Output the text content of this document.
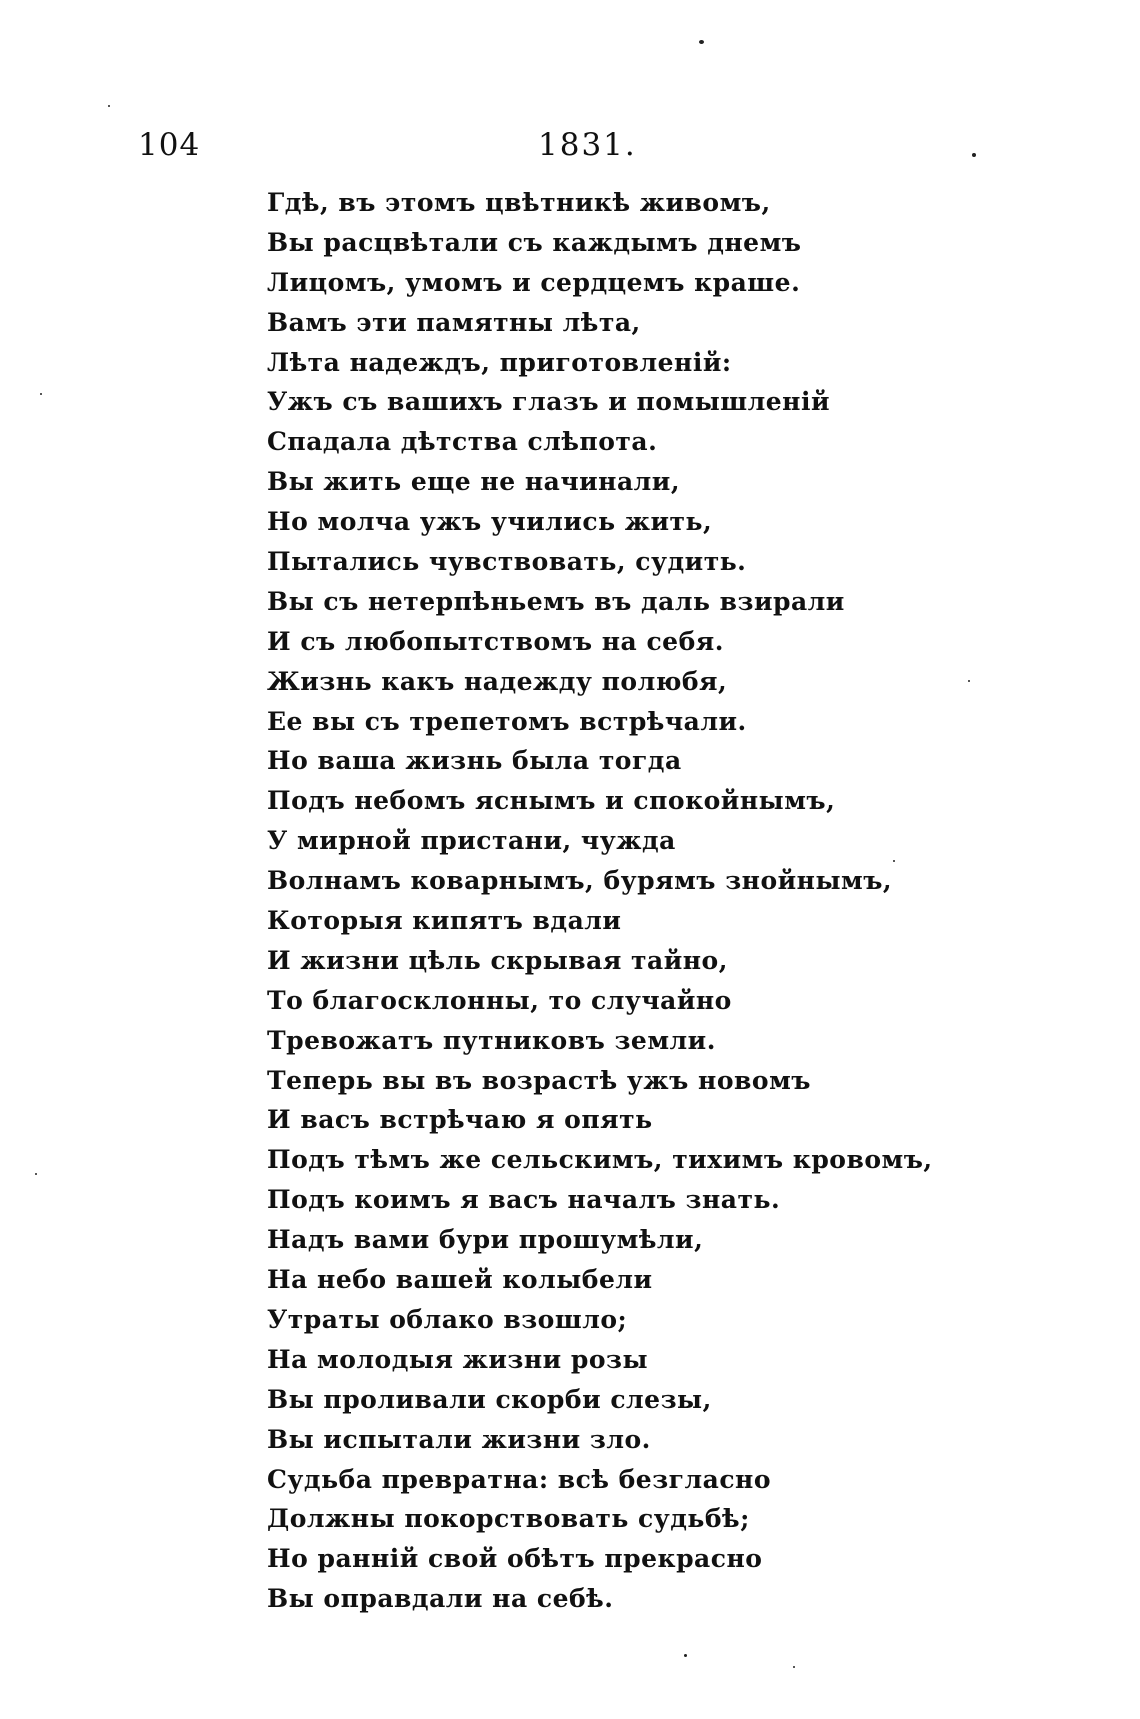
104	1831.
Гдѣ, въ этомъ цвѣтникѣ живомъ,
Вы расцвѣтали съ каждымъ днемъ
Лицомъ, умомъ и сердцемъ краше.
Вамъ эти памятны лѣта,
Лѣта надеждъ, приготовленій:
Ужъ съ вашихъ глазъ и помышленій
Спадала дѣтства слѣпота.
Вы жить еще не начинали,
Но молча ужъ учились жить,
Пытались чувствовать, судить.
Вы съ нетерпѣньемъ въ даль взирали
И съ любопытствомъ на себя.
Жизнь какъ надежду полюбя,
Ее вы съ трепетомъ встрѣчали.
Но ваша жизнь была тогда
Подъ небомъ яснымъ и спокойнымъ,
У мирной пристани, чужда
Волнамъ коварнымъ, бурямъ знойнымъ,
Которыя кипятъ вдали
И жизни цѣль скрывая тайно,
То благосклонны, то случайно
Тревожатъ путниковъ земли.
Теперь вы въ возрастѣ ужъ новомъ
И васъ встрѣчаю я опять
Подъ тѣмъ же сельскимъ, тихимъ кровомъ,
Подъ коимъ я васъ началъ знать.
Надъ вами бури прошумѣли,
На небо вашей колыбели
Утраты облако взошло;
На молодыя жизни розы
Вы проливали скорби слезы,
Вы испытали жизни зло.
Судьба превратна: всѣ безгласно
Должны покорствовать судьбѣ;
Но ранній свой обѣтъ прекрасно
Вы оправдали на себѣ.
